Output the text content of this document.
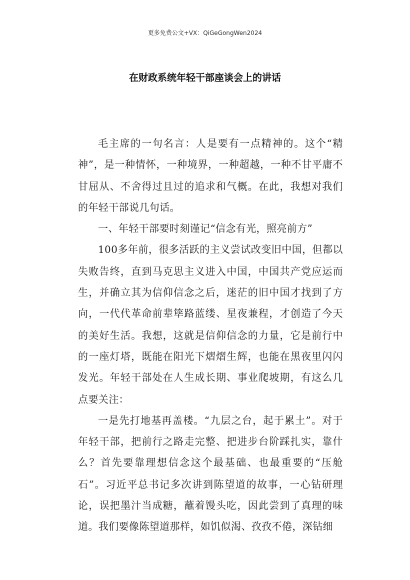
更多免费公文+VX：QiGeGongWen2024
在财政系统年轻干部座谈会上的讲话

毛主席的一句名言：人是要有一点精神的。这个“精神”，是一种情怀，一种境界，一种超越，一种不甘平庸不甘屈从、不舍得过且过的追求和气概。在此，我想对我们的年轻干部说几句话。

一、年轻干部要时刻谨记“信念有光，照亮前方”

100多年前，很多活跃的主义尝试改变旧中国，但都以失败告终，直到马克思主义进入中国，中国共产党应运而生，并确立其为信仰信念之后，迷茫的旧中国才找到了方向，一代代革命前辈筚路蓝缕、星夜兼程，才创造了今天的美好生活。我想，这就是信仰信念的力量，它是前行中的一座灯塔，既能在阳光下熠熠生辉，也能在黑夜里闪闪发光。年轻干部处在人生成长期、事业爬坡期，有这么几点要关注：

一是先打地基再盖楼。“九层之台，起于累土”。对于年轻干部，把前行之路走完整、把进步台阶踩扎实，靠什么？首先要靠理想信念这个最基础、也最重要的“压舱石”。习近平总书记多次讲到陈望道的故事，一心钻研理论，误把墨汁当成糖，蘸着馒头吃，因此尝到了真理的味道。我们要像陈望道那样，如饥似渴、孜孜不倦，深钻细
